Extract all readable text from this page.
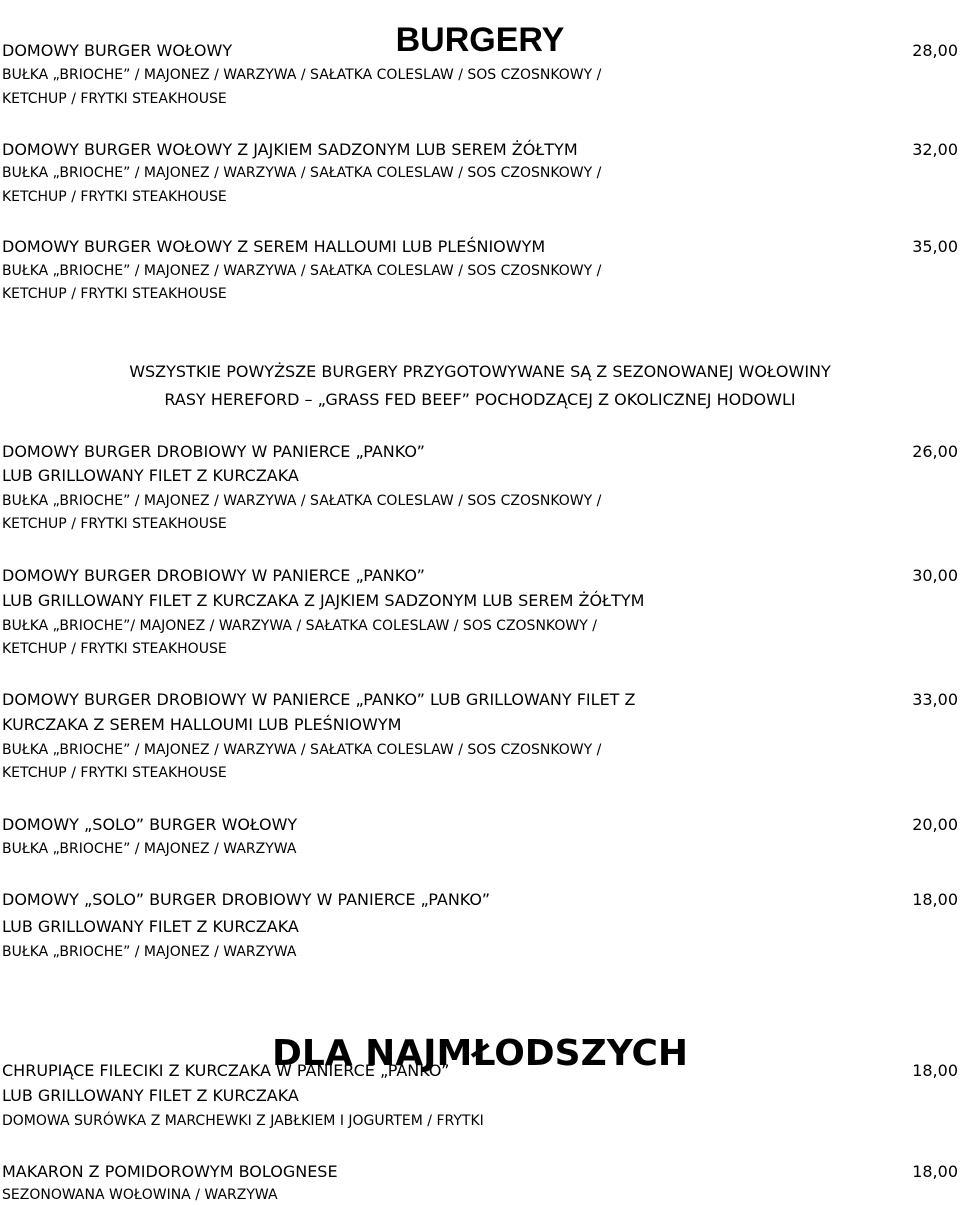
BURGERY
DOMOWY BURGER WOŁOWY	28,00
BUŁKA „BRIOCHE” / MAJONEZ / WARZYWA / SAŁATKA COLESLAW / SOS CZOSNKOWY /
KETCHUP / FRYTKI STEAKHOUSE
DOMOWY BURGER WOŁOWY Z JAJKIEM SADZONYM LUB SEREM ŻÓŁTYM	32,00
BUŁKA „BRIOCHE” / MAJONEZ / WARZYWA / SAŁATKA COLESLAW / SOS CZOSNKOWY /
KETCHUP / FRYTKI STEAKHOUSE
DOMOWY BURGER WOŁOWY Z SEREM HALLOUMI LUB PLEŚNIOWYM	35,00
BUŁKA „BRIOCHE” / MAJONEZ / WARZYWA / SAŁATKA COLESLAW / SOS CZOSNKOWY /
KETCHUP / FRYTKI STEAKHOUSE
WSZYSTKIE POWYŻSZE BURGERY PRZYGOTOWYWANE SĄ Z SEZONOWANEJ WOŁOWINY
RASY HEREFORD – „GRASS FED BEEF” POCHODZĄCEJ Z OKOLICZNEJ HODOWLI
DOMOWY BURGER DROBIOWY W PANIERCE „PANKO”	26,00
LUB GRILLOWANY FILET Z KURCZAKA
BUŁKA „BRIOCHE” / MAJONEZ / WARZYWA / SAŁATKA COLESLAW / SOS CZOSNKOWY /
KETCHUP / FRYTKI STEAKHOUSE
DOMOWY BURGER DROBIOWY W PANIERCE „PANKO”	30,00
LUB GRILLOWANY FILET Z KURCZAKA Z JAJKIEM SADZONYM LUB SEREM ŻÓŁTYM
BUŁKA „BRIOCHE”/ MAJONEZ / WARZYWA / SAŁATKA COLESLAW / SOS CZOSNKOWY /
KETCHUP / FRYTKI STEAKHOUSE
DOMOWY BURGER DROBIOWY W PANIERCE „PANKO” LUB GRILLOWANY FILET Z	33,00
KURCZAKA Z SEREM HALLOUMI LUB PLEŚNIOWYM
BUŁKA „BRIOCHE” / MAJONEZ / WARZYWA / SAŁATKA COLESLAW / SOS CZOSNKOWY /
KETCHUP / FRYTKI STEAKHOUSE
DOMOWY „SOLO” BURGER WOŁOWY	20,00
BUŁKA „BRIOCHE” / MAJONEZ / WARZYWA
DOMOWY „SOLO” BURGER DROBIOWY W PANIERCE „PANKO”	18,00
LUB GRILLOWANY FILET Z KURCZAKA
BUŁKA „BRIOCHE” / MAJONEZ / WARZYWA
DLA NAJMŁODSZYCH
CHRUPIĄCE FILECIKI Z KURCZAKA W PANIERCE „PANKO”	18,00
LUB GRILLOWANY FILET Z KURCZAKA
DOMOWA SURÓWKA Z MARCHEWKI Z JABŁKIEM I JOGURTEM / FRYTKI
MAKARON Z POMIDOROWYM BOLOGNESE	18,00
SEZONOWANA WOŁOWINA / WARZYWA
